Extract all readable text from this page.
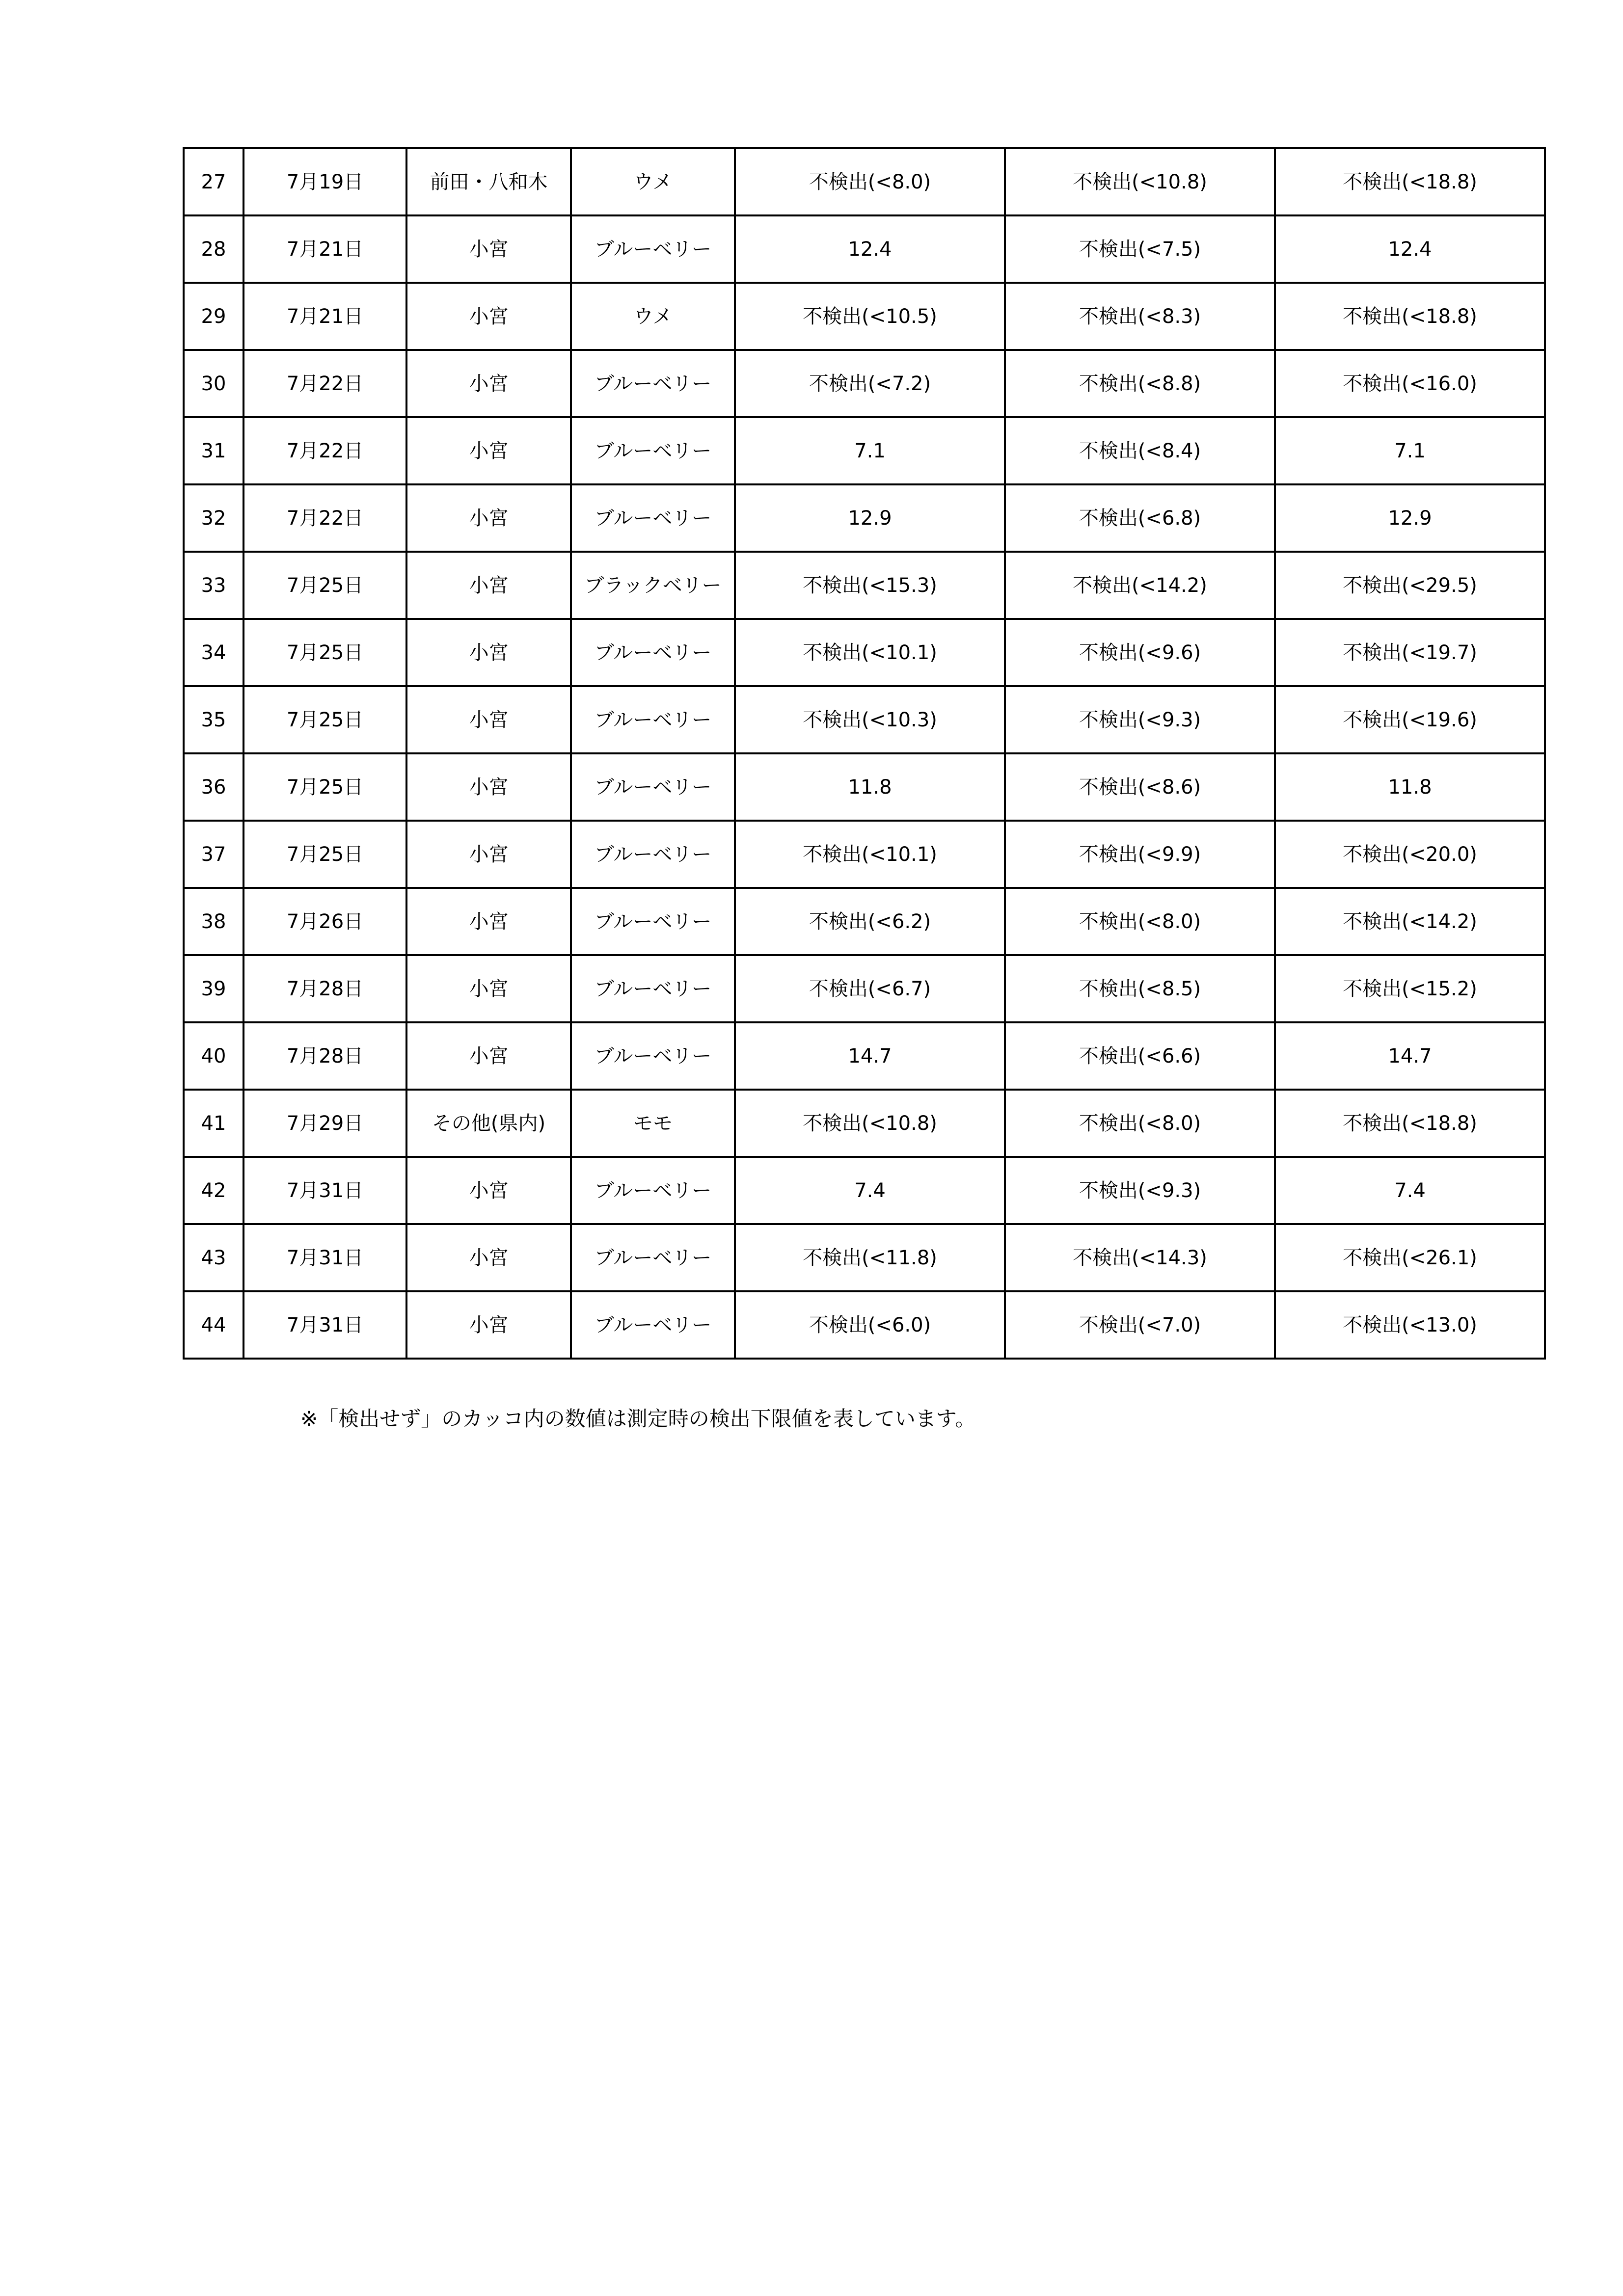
27	7月19日	前田・八和木	ウメ	不検出(<8.0)	不検出(<10.8)	不検出(<18.8)
28	7月21日	小宮	ブルーベリー	12.4	不検出(<7.5)	12.4
29	7月21日	小宮	ウメ	不検出(<10.5)	不検出(<8.3)	不検出(<18.8)
30	7月22日	小宮	ブルーベリー	不検出(<7.2)	不検出(<8.8)	不検出(<16.0)
31	7月22日	小宮	ブルーベリー	7.1	不検出(<8.4)	7.1
32	7月22日	小宮	ブルーベリー	12.9	不検出(<6.8)	12.9
33	7月25日	小宮	ブラックベリー	不検出(<15.3)	不検出(<14.2)	不検出(<29.5)
34	7月25日	小宮	ブルーベリー	不検出(<10.1)	不検出(<9.6)	不検出(<19.7)
35	7月25日	小宮	ブルーベリー	不検出(<10.3)	不検出(<9.3)	不検出(<19.6)
36	7月25日	小宮	ブルーベリー	11.8	不検出(<8.6)	11.8
37	7月25日	小宮	ブルーベリー	不検出(<10.1)	不検出(<9.9)	不検出(<20.0)
38	7月26日	小宮	ブルーベリー	不検出(<6.2)	不検出(<8.0)	不検出(<14.2)
39	7月28日	小宮	ブルーベリー	不検出(<6.7)	不検出(<8.5)	不検出(<15.2)
40	7月28日	小宮	ブルーベリー	14.7	不検出(<6.6)	14.7
41	7月29日	その他(県内)	モモ	不検出(<10.8)	不検出(<8.0)	不検出(<18.8)
42	7月31日	小宮	ブルーベリー	7.4	不検出(<9.3)	7.4
43	7月31日	小宮	ブルーベリー	不検出(<11.8)	不検出(<14.3)	不検出(<26.1)
44	7月31日	小宮	ブルーベリー	不検出(<6.0)	不検出(<7.0)	不検出(<13.0)
※「検出せず」のカッコ内の数値は測定時の検出下限値を表しています。
